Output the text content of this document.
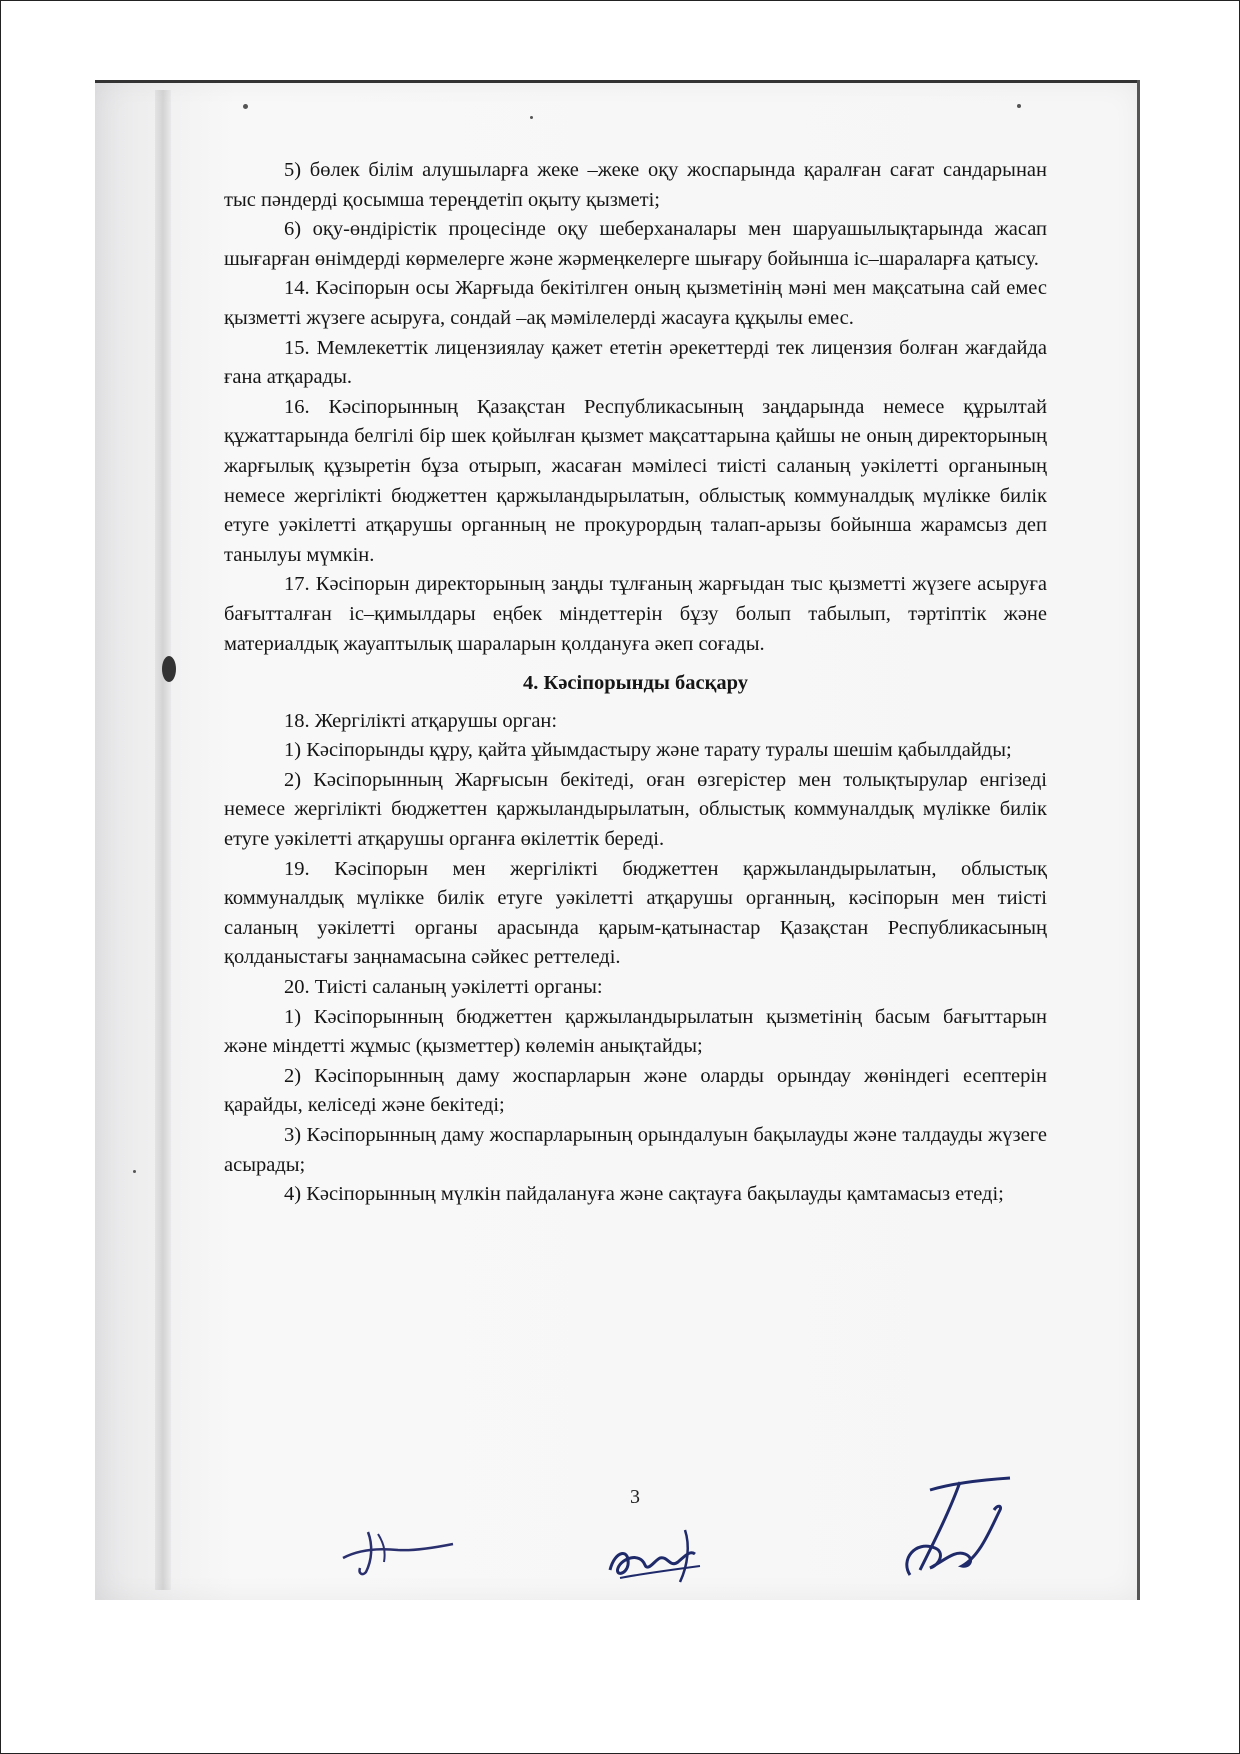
5) бөлек білім алушыларға жеке –жеке оқу жоспарында қаралған сағат сандарынан тыс пәндерді қосымша тереңдетіп оқыту қызметі;

6) оқу-өндірістік процесінде оқу шеберханалары мен шаруашылықтарында жасап шығарған өнімдерді көрмелерге және жәрмеңкелерге шығару бойынша іс–шараларға қатысу.

14. Кәсіпорын осы Жарғыда бекітілген оның қызметінің мәні мен мақсатына сай емес қызметті жүзеге асыруға, сондай –ақ мәмілелерді жасауға құқылы емес.

15. Мемлекеттік лицензиялау қажет ететін әрекеттерді тек лицензия болған жағдайда ғана атқарады.

16. Кәсіпорынның Қазақстан Республикасының заңдарында немесе құрылтай құжаттарында белгілі бір шек қойылған қызмет мақсаттарына қайшы не оның директорының жарғылық құзыретін бұза отырып, жасаған мәмілесі тиісті саланың уәкілетті органының немесе жергілікті бюджеттен қаржыландырылатын, облыстық коммуналдық мүлікке билік етуге уәкілетті атқарушы органның не прокурордың талап-арызы бойынша жарамсыз деп танылуы мүмкін.

17. Кәсіпорын директорының заңды тұлғаның жарғыдан тыс қызметті жүзеге асыруға бағытталған іс–қимылдары еңбек міндеттерін бұзу болып табылып, тәртіптік және материалдық жауаптылық шараларын қолдануға әкеп соғады.

4. Кәсіпорынды басқару

18. Жергілікті атқарушы орган:

1) Кәсіпорынды құру, қайта ұйымдастыру және тарату туралы шешім қабылдайды;

2) Кәсіпорынның Жарғысын бекітеді, оған өзгерістер мен толықтырулар енгізеді немесе жергілікті бюджеттен қаржыландырылатын, облыстық коммуналдық мүлікке билік етуге уәкілетті атқарушы органға өкілеттік береді.

19. Кәсіпорын мен жергілікті бюджеттен қаржыландырылатын, облыстық коммуналдық мүлікке билік етуге уәкілетті атқарушы органның, кәсіпорын мен тиісті саланың уәкілетті органы арасында қарым-қатынастар Қазақстан Республикасының қолданыстағы заңнамасына сәйкес реттеледі.

20. Тиісті саланың уәкілетті органы:

1) Кәсіпорынның бюджеттен қаржыландырылатын қызметінің басым бағыттарын және міндетті жұмыс (қызметтер) көлемін анықтайды;

2) Кәсіпорынның даму жоспарларын және оларды орындау жөніндегі есептерін қарайды, келіседі және бекітеді;

3) Кәсіпорынның даму жоспарларының орындалуын бақылауды және талдауды жүзеге асырады;

4) Кәсіпорынның мүлкін пайдалануға және сақтауға бақылауды қамтамасыз етеді;

3
